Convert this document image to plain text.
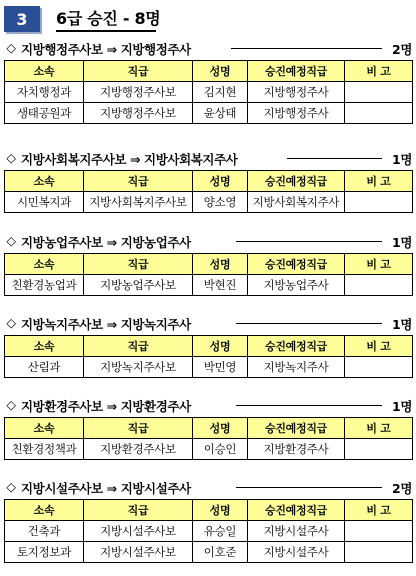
3	6급 승진 - 8명
◇ 지방행정주사보 ⇒ 지방행정주사	2명
소속	직급	성명	승진예정직급	비 고
자치행정과	지방행정주사보	김지현	지방행정주사	
생태공원과	지방행정주사보	윤상태	지방행정주사	
◇ 지방사회복지주사보 ⇒ 지방사회복지주사	1명
소속	직급	성명	승진예정직급	비 고
시민복지과	지방사회복지주사보	양소영	지방사회복지주사	
◇ 지방농업주사보 ⇒ 지방농업주사	1명
소속	직급	성명	승진예정직급	비 고
친환경농업과	지방농업주사보	박현진	지방농업주사	
◇ 지방녹지주사보 ⇒ 지방녹지주사	1명
소속	직급	성명	승진예정직급	비 고
산림과	지방녹지주사보	박민영	지방녹지주사	
◇ 지방환경주사보 ⇒ 지방환경주사	1명
소속	직급	성명	승진예정직급	비 고
친환경정책과	지방환경주사보	이승인	지방환경주사	
◇ 지방시설주사보 ⇒ 지방시설주사	2명
소속	직급	성명	승진예정직급	비 고
건축과	지방시설주사보	유승일	지방시설주사	
토지정보과	지방시설주사보	이호준	지방시설주사	
